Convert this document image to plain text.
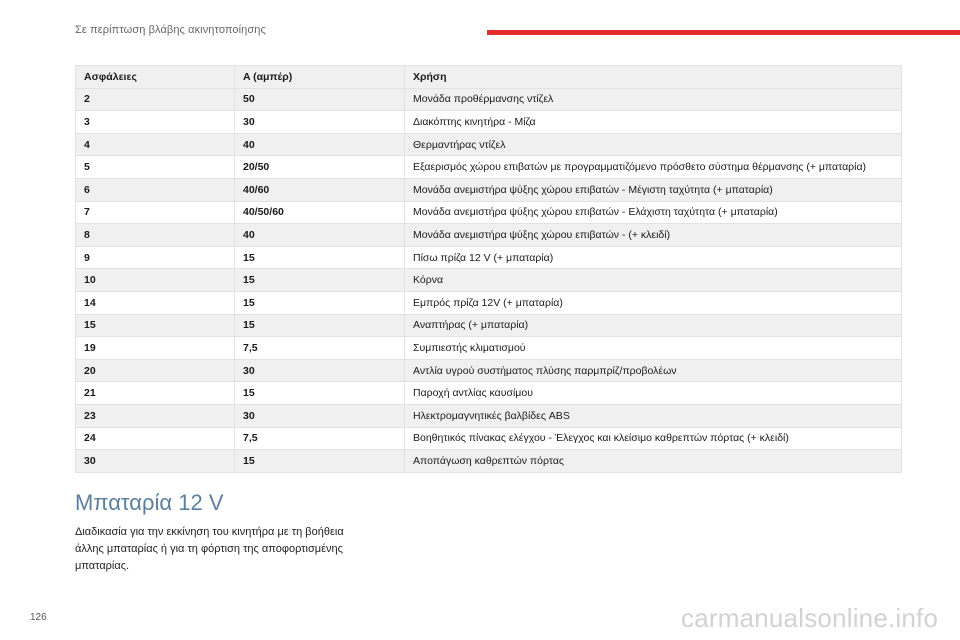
Σε περίπτωση βλάβης ακινητοποίησης
Ασφάλειες	A (αμπέρ)	Χρήση
2	50	Μονάδα προθέρμανσης ντίζελ
3	30	Διακόπτης κινητήρα - Μίζα
4	40	Θερμαντήρας ντίζελ
5	20/50	Εξαερισμός χώρου επιβατών με προγραμματιζόμενο πρόσθετο σύστημα θέρμανσης (+ μπαταρία)
6	40/60	Μονάδα ανεμιστήρα ψύξης χώρου επιβατών - Μέγιστη ταχύτητα (+ μπαταρία)
7	40/50/60	Μονάδα ανεμιστήρα ψύξης χώρου επιβατών - Ελάχιστη ταχύτητα (+ μπαταρία)
8	40	Μονάδα ανεμιστήρα ψύξης χώρου επιβατών - (+ κλειδί)
9	15	Πίσω πρίζα 12 V (+ μπαταρία)
10	15	Κόρνα
14	15	Εμπρός πρίζα 12V (+ μπαταρία)
15	15	Αναπτήρας (+ μπαταρία)
19	7,5	Συμπιεστής κλιματισμού
20	30	Αντλία υγρού συστήματος πλύσης παρμπρίζ/προβολέων
21	15	Παροχή αντλίας καυσίμου
23	30	Ηλεκτρομαγνητικές βαλβίδες ABS
24	7,5	Βοηθητικός πίνακας ελέγχου - Έλεγχος και κλείσιμο καθρεπτών πόρτας (+ κλειδί)
30	15	Αποπάγωση καθρεπτών πόρτας
Μπαταρία 12 V
Διαδικασία για την εκκίνηση του κινητήρα με τη βοήθεια
άλλης μπαταρίας ή για τη φόρτιση της αποφορτισμένης
μπαταρίας.
126	carmanualsonline.info
